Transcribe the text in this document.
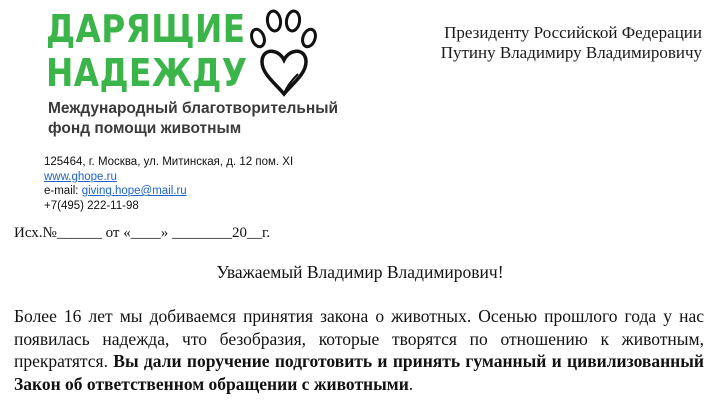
ДАРЯЩИЕ
НАДЕЖДУ
Международный благотворительный
фонд помощи животным
Президенту Российской Федерации
Путину Владимиру Владимировичу
125464, г. Москва, ул. Митинская, д. 12 пом. XI
www.ghope.ru
e-mail: giving.hope@mail.ru
+7(495) 222-11-98
Исх.№______ от «____» ________20__г.
Уважаемый Владимир Владимирович!
Более 16 лет мы добиваемся принятия закона о животных. Осенью прошлого года у нас появилась надежда, что безобразия, которые творятся по отношению к животным, прекратятся. Вы дали поручение подготовить и принять гуманный и цивилизованный Закон об ответственном обращении с животными.
